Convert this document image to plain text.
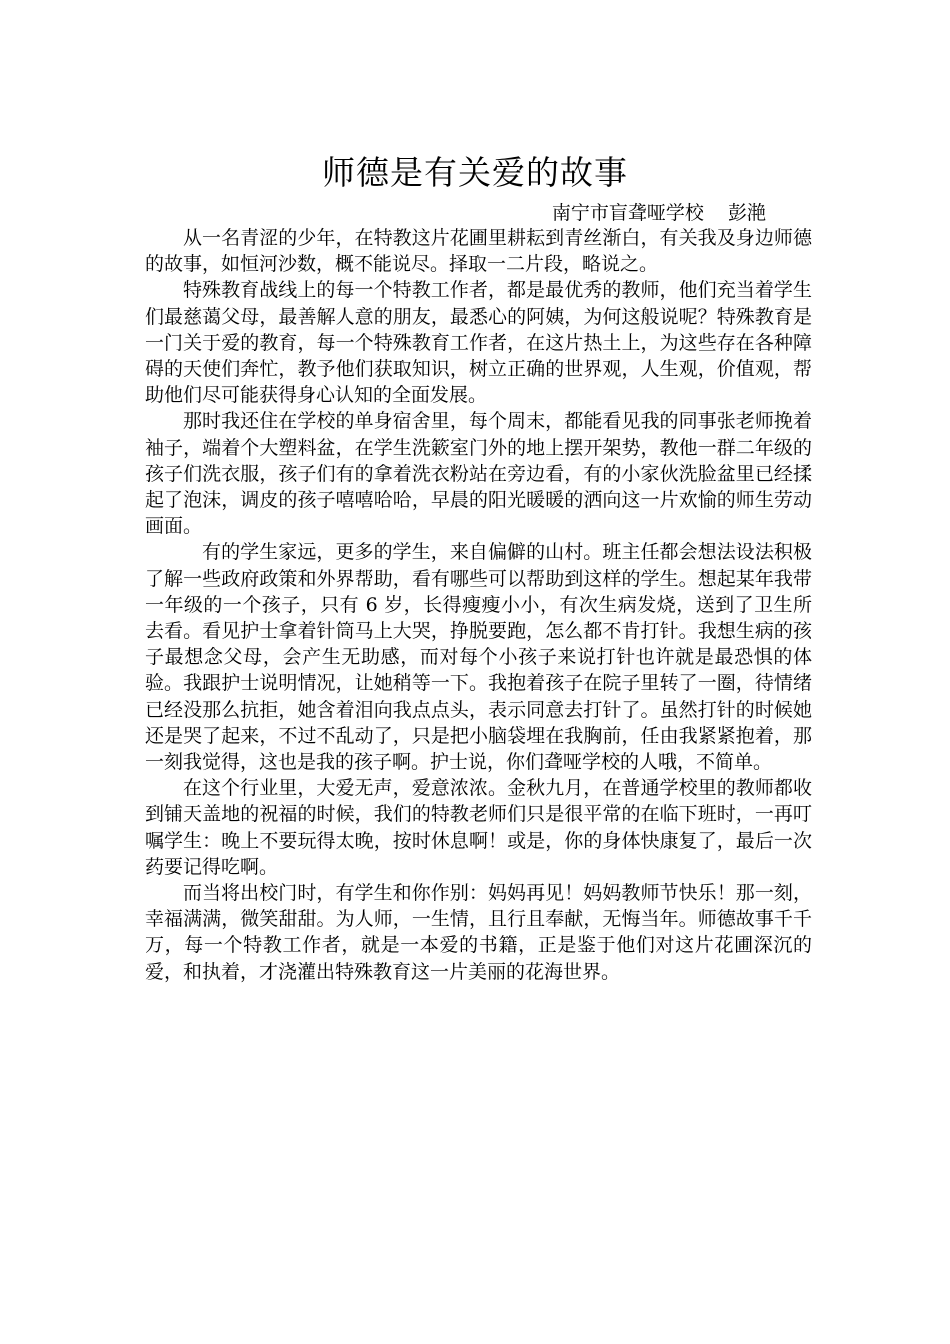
师德是有关爱的故事
南宁市盲聋哑学校    彭滟

从一名青涩的少年，在特教这片花圃里耕耘到青丝渐白，有关我及身边师德的故事，如恒河沙数，概不能说尽。择取一二片段，略说之。

特殊教育战线上的每一个特教工作者，都是最优秀的教师，他们充当着学生们最慈蔼父母，最善解人意的朋友，最悉心的阿姨，为何这般说呢？特殊教育是一门关于爱的教育，每一个特殊教育工作者，在这片热土上，为这些存在各种障碍的天使们奔忙，教予他们获取知识，树立正确的世界观，人生观，价值观，帮助他们尽可能获得身心认知的全面发展。

那时我还住在学校的单身宿舍里，每个周末，都能看见我的同事张老师挽着袖子，端着个大塑料盆，在学生洗簌室门外的地上摆开架势，教他一群二年级的孩子们洗衣服，孩子们有的拿着洗衣粉站在旁边看，有的小家伙洗脸盆里已经揉起了泡沫，调皮的孩子嘻嘻哈哈，早晨的阳光暖暖的洒向这一片欢愉的师生劳动画面。

有的学生家远，更多的学生，来自偏僻的山村。班主任都会想法设法积极了解一些政府政策和外界帮助，看有哪些可以帮助到这样的学生。想起某年我带一年级的一个孩子，只有 6 岁，长得瘦瘦小小，有次生病发烧，送到了卫生所去看。看见护士拿着针筒马上大哭，挣脱要跑，怎么都不肯打针。我想生病的孩子最想念父母，会产生无助感，而对每个小孩子来说打针也许就是最恐惧的体验。我跟护士说明情况，让她稍等一下。我抱着孩子在院子里转了一圈，待情绪已经没那么抗拒，她含着泪向我点点头，表示同意去打针了。虽然打针的时候她还是哭了起来，不过不乱动了，只是把小脑袋埋在我胸前，任由我紧紧抱着，那一刻我觉得，这也是我的孩子啊。护士说，你们聋哑学校的人哦，不简单。

在这个行业里，大爱无声，爱意浓浓。金秋九月，在普通学校里的教师都收到铺天盖地的祝福的时候，我们的特教老师们只是很平常的在临下班时，一再叮嘱学生：晚上不要玩得太晚，按时休息啊！或是，你的身体快康复了，最后一次药要记得吃啊。

而当将出校门时，有学生和你作别：妈妈再见！妈妈教师节快乐！那一刻，幸福满满，微笑甜甜。为人师，一生情，且行且奉献，无悔当年。师德故事千千万，每一个特教工作者，就是一本爱的书籍，正是鉴于他们对这片花圃深沉的爱，和执着，才浇灌出特殊教育这一片美丽的花海世界。
